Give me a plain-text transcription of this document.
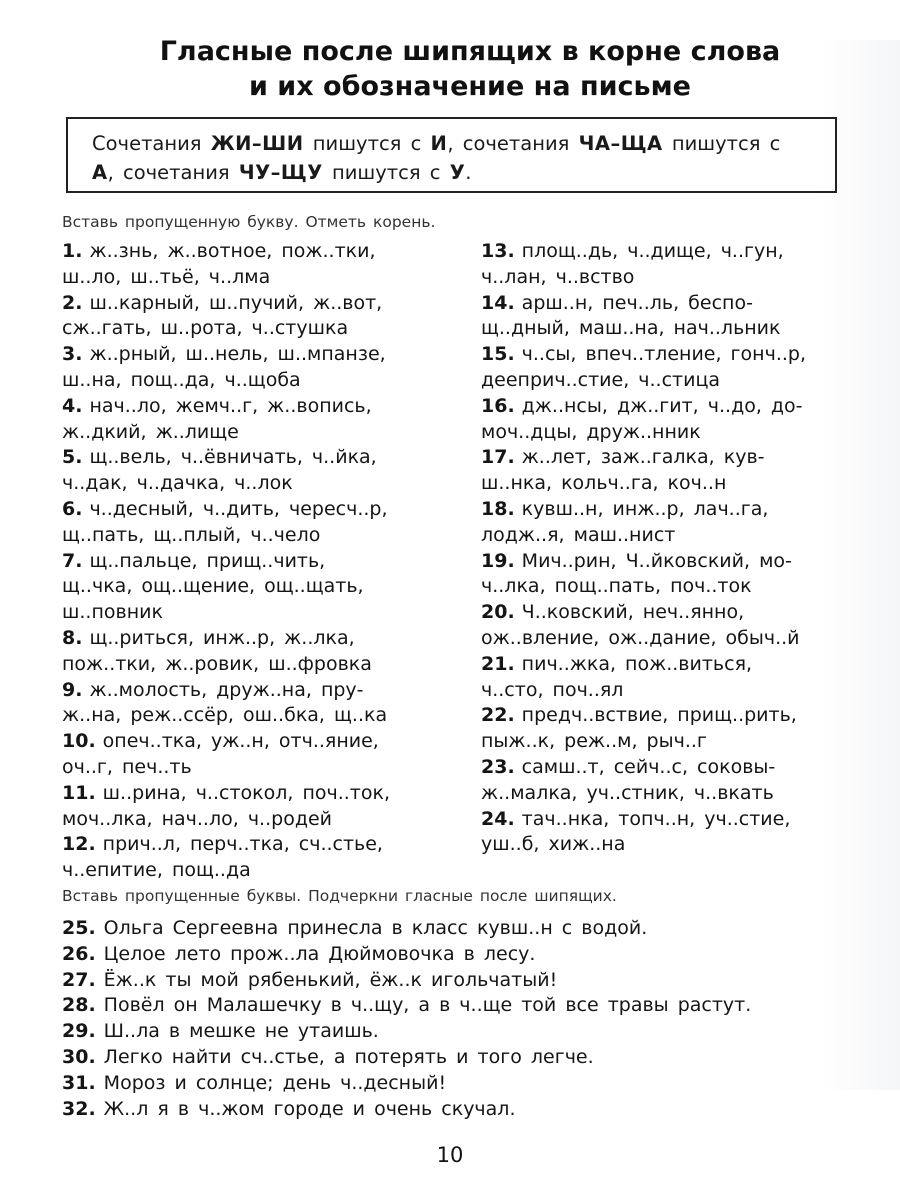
Гласные после шипящих в корне слова
и их обозначение на письме
Сочетания ЖИ–ШИ пишутся с И, сочетания ЧА–ЩА пишутся с
А, сочетания ЧУ–ЩУ пишутся с У.
Вставь пропущенную букву. Отметь корень.
1. ж..знь, ж..вотное, пож..тки,
ш..ло, ш..тьё, ч..лма
2. ш..карный, ш..пучий, ж..вот,
сж..гать, ш..рота, ч..стушка
3. ж..рный, ш..нель, ш..мпанзе,
ш..на, пощ..да, ч..щоба
4. нач..ло, жемч..г, ж..вопись,
ж..дкий, ж..лище
5. щ..вель, ч..ёвничать, ч..йка,
ч..дак, ч..дачка, ч..лок
6. ч..десный, ч..дить, чересч..р,
щ..пать, щ..плый, ч..чело
7. щ..пальце, прищ..чить,
щ..чка, ощ..щение, ощ..щать,
ш..повник
8. щ..риться, инж..р, ж..лка,
пож..тки, ж..ровик, ш..фровка
9. ж..молость, друж..на, пру-
ж..на, реж..ссёр, ош..бка, щ..ка
10. опеч..тка, уж..н, отч..яние,
оч..г, печ..ть
11. ш..рина, ч..стокол, поч..ток,
моч..лка, нач..ло, ч..родей
12. прич..л, перч..тка, сч..стье,
ч..епитие, пощ..да
13. площ..дь, ч..дище, ч..гун,
ч..лан, ч..вство
14. арш..н, печ..ль, беспо-
щ..дный, маш..на, нач..льник
15. ч..сы, впеч..тление, гонч..р,
дееприч..стие, ч..стица
16. дж..нсы, дж..гит, ч..до, до-
моч..дцы, друж..нник
17. ж..лет, заж..галка, кув-
ш..нка, кольч..га, коч..н
18. кувш..н, инж..р, лач..га,
лодж..я, маш..нист
19. Мич..рин, Ч..йковский, мо-
ч..лка, пощ..пать, поч..ток
20. Ч..ковский, неч..янно,
ож..вление, ож..дание, обыч..й
21. пич..жка, пож..виться,
ч..сто, поч..ял
22. предч..вствие, прищ..рить,
пыж..к, реж..м, рыч..г
23. самш..т, сейч..с, соковы-
ж..малка, уч..стник, ч..вкать
24. тач..нка, топч..н, уч..стие,
уш..б, хиж..на
Вставь пропущенные буквы. Подчеркни гласные после шипящих.
25. Ольга Сергеевна принесла в класс кувш..н с водой.
26. Целое лето прож..ла Дюймовочка в лесу.
27. Ёж..к ты мой рябенький, ёж..к игольчатый!
28. Повёл он Малашечку в ч..щу, а в ч..ще той все травы растут.
29. Ш..ла в мешке не утаишь.
30. Легко найти сч..стье, а потерять и того легче.
31. Мороз и солнце; день ч..десный!
32. Ж..л я в ч..жом городе и очень скучал.
10
